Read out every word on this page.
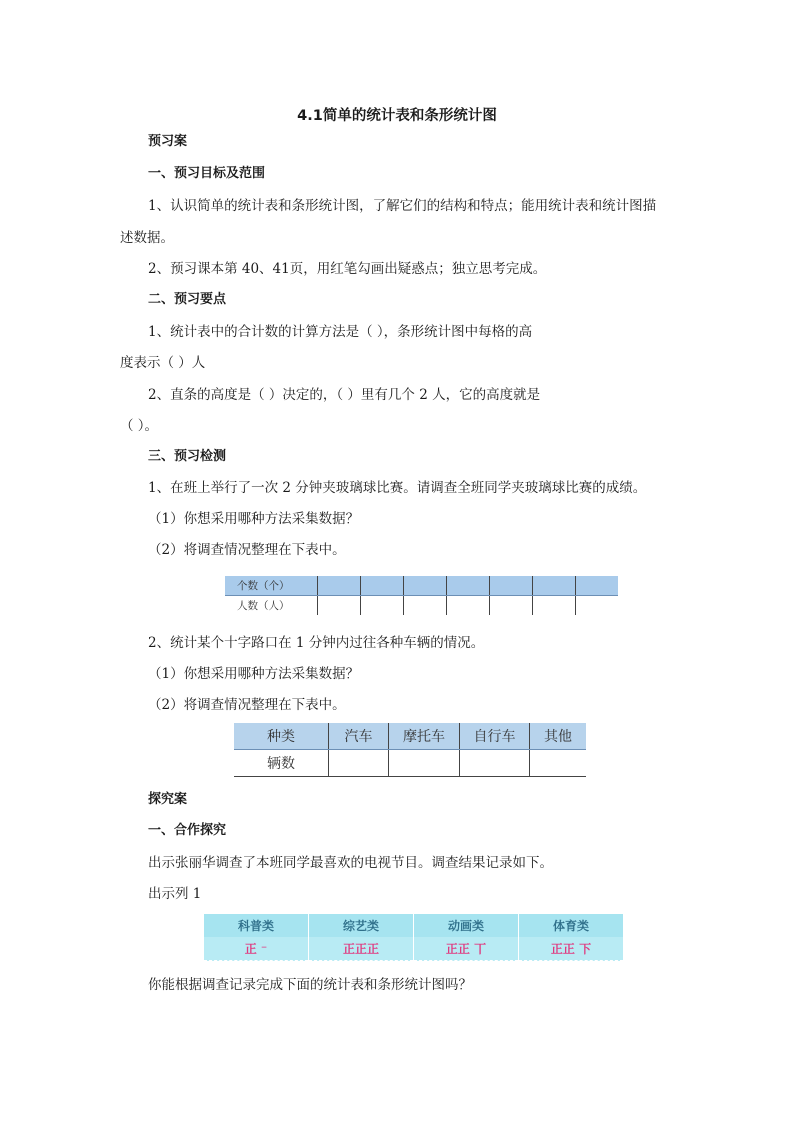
4.1简单的统计表和条形统计图
预习案
一、预习目标及范围
1、认识简单的统计表和条形统计图，了解它们的结构和特点；能用统计表和统计图描
述数据。
2、预习课本第 40、41页，用红笔勾画出疑惑点；独立思考完成。
二、预习要点
1、统计表中的合计数的计算方法是（ ），条形统计图中每格的高
度表示（ ）人
2、直条的高度是（ ）决定的，（ ）里有几个 2 人，它的高度就是
（ ）。
三、预习检测
1、在班上举行了一次 2 分钟夹玻璃球比赛。请调查全班同学夹玻璃球比赛的成绩。
（1）你想采用哪种方法采集数据？
（2）将调查情况整理在下表中。
个数（个）							
人数（人）							
2、统计某个十字路口在 1 分钟内过往各种车辆的情况。
（1）你想采用哪种方法采集数据？
（2）将调查情况整理在下表中。
种类	汽车	摩托车	自行车	其他
辆数				
探究案
一、合作探究
出示张丽华调查了本班同学最喜欢的电视节目。调查结果记录如下。
出示列 1
科普类	综艺类	动画类	体育类
正 ⁻	正正正	正正 丅	正正 下
你能根据调查记录完成下面的统计表和条形统计图吗？
